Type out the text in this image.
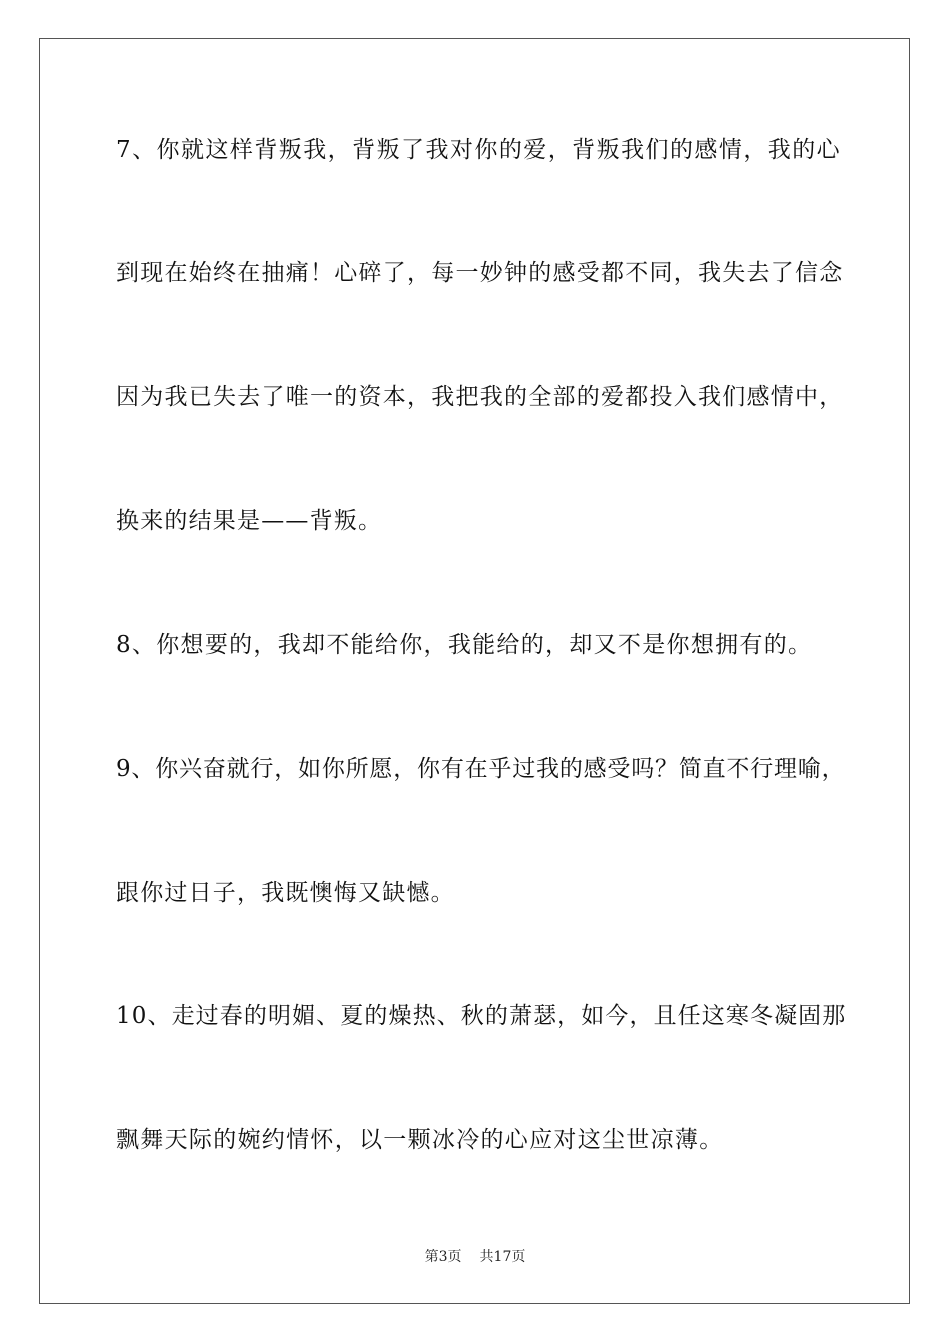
7、你就这样背叛我，背叛了我对你的爱，背叛我们的感情，我的心
到现在始终在抽痛！心碎了，每一妙钟的感受都不同，我失去了信念
因为我已失去了唯一的资本，我把我的全部的爱都投入我们感情中，
换来的结果是——背叛。
8、你想要的，我却不能给你，我能给的，却又不是你想拥有的。
9、你兴奋就行，如你所愿，你有在乎过我的感受吗？简直不行理喻，
跟你过日子，我既懊悔又缺憾。
10、走过春的明媚、夏的燥热、秋的萧瑟，如今，且任这寒冬凝固那
飘舞天际的婉约情怀，以一颗冰冷的心应对这尘世凉薄。
第3页 共17页
